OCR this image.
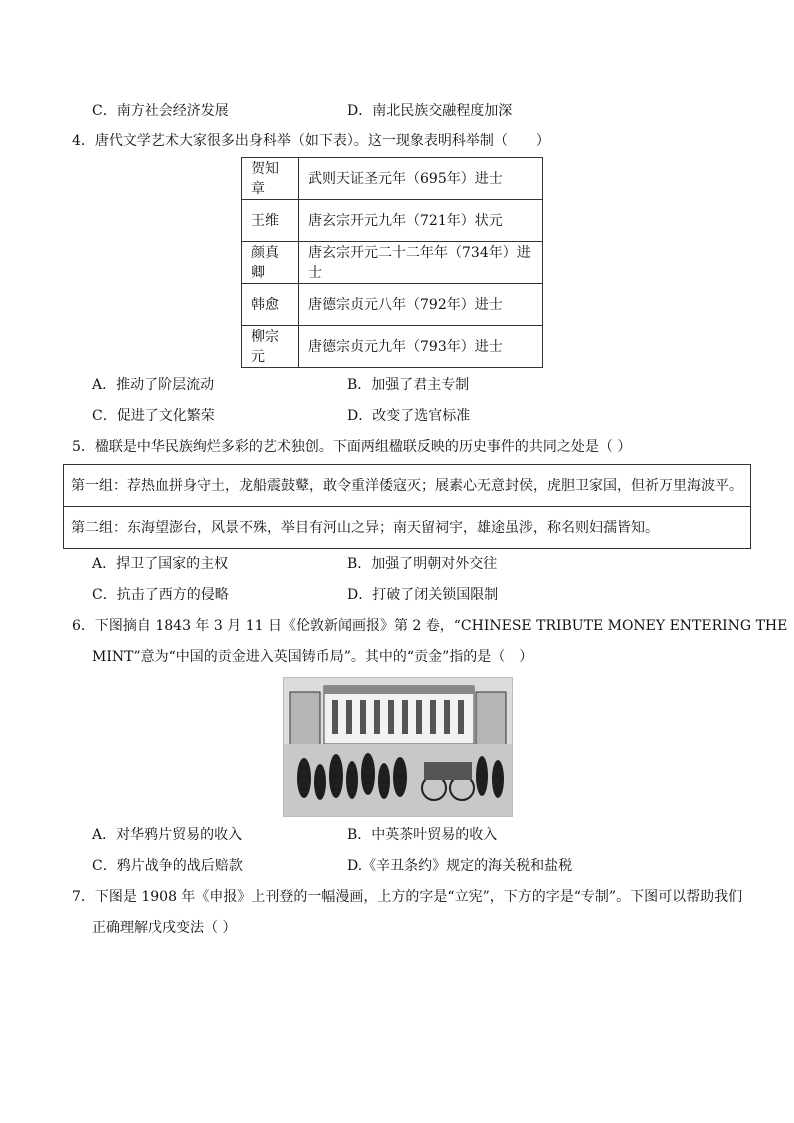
C．南方社会经济发展	D．南北民族交融程度加深
4．唐代文学艺术大家很多出身科举（如下表）。这一现象表明科举制（　　）
贺知章	武则天证圣元年（695年）进士
王维	唐玄宗开元九年（721年）状元
颜真卿	唐玄宗开元二十二年年（734年）进士
韩愈	唐德宗贞元八年（792年）进士
柳宗元	唐德宗贞元九年（793年）进士
A．推动了阶层流动	B．加强了君主专制
C．促进了文化繁荣	D．改变了选官标准
5．楹联是中华民族绚烂多彩的艺术独创。下面两组楹联反映的历史事件的共同之处是（ ）
第一组：荐热血拼身守土，龙船震鼓鼙，敢令重洋倭寇灭；展素心无意封侯，虎胆卫家国，但祈万里海波平。
第二组：东海望澎台，风景不殊，举目有河山之异；南天留祠宇，雄途虽涉，称名则妇孺皆知。
A．捍卫了国家的主权	B．加强了明朝对外交往
C．抗击了西方的侵略	D．打破了闭关锁国限制
6．下图摘自 1843 年 3 月 11 日《伦敦新闻画报》第 2 卷，“CHINESE TRIBUTE MONEY ENTERING THE
MINT”意为“中国的贡金进入英国铸币局”。其中的“贡金”指的是（　）
A．对华鸦片贸易的收入	B．中英茶叶贸易的收入
C．鸦片战争的战后赔款	D.《辛丑条约》规定的海关税和盐税
7．下图是 1908 年《申报》上刊登的一幅漫画，上方的字是“立宪”，下方的字是“专制”。下图可以帮助我们
正确理解戊戌变法（ ）
